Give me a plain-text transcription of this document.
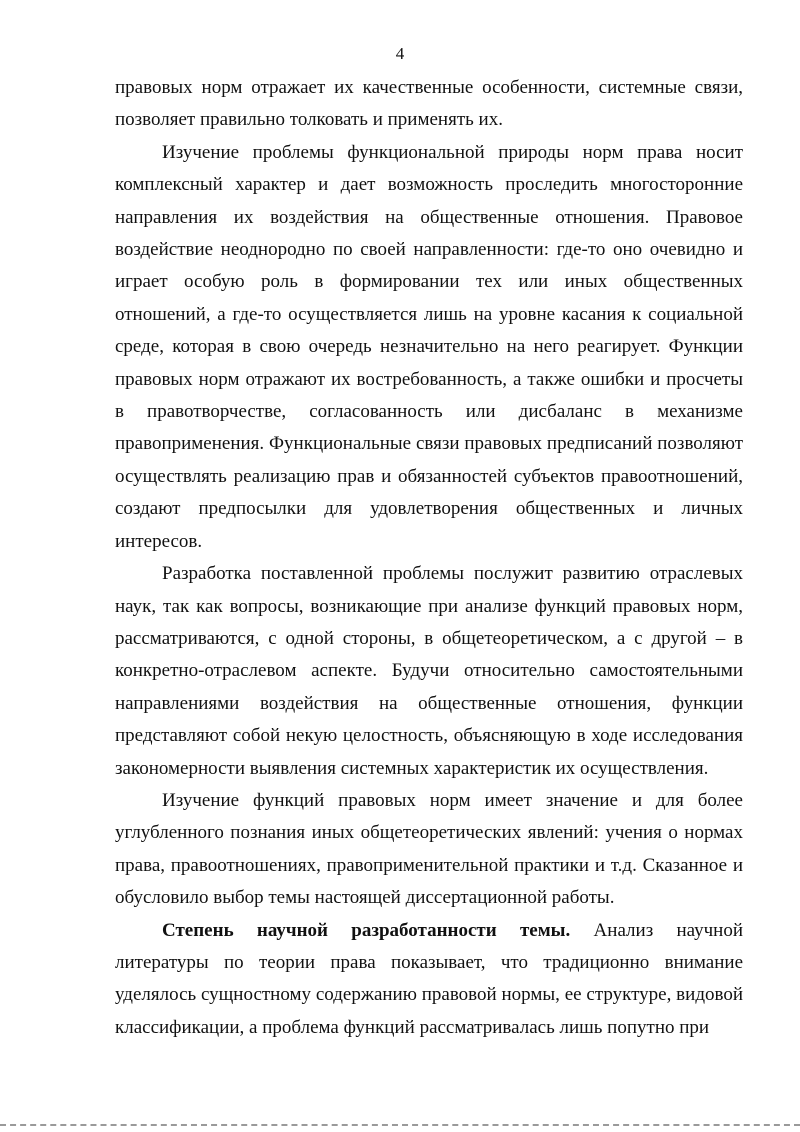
4

правовых норм отражает их качественные особенности, системные связи, позволяет правильно толковать и применять их.

Изучение проблемы функциональной природы норм права носит комплексный характер и дает возможность проследить многосторонние направления их воздействия на общественные отношения. Правовое воздействие неоднородно по своей направленности: где-то оно очевидно и играет особую роль в формировании тех или иных общественных отношений, а где-то осуществляется лишь на уровне касания к социальной среде, которая в свою очередь незначительно на него реагирует. Функции правовых норм отражают их востребованность, а также ошибки и просчеты в правотворчестве, согласованность или дисбаланс в механизме правоприменения. Функциональные связи правовых предписаний позволяют осуществлять реализацию прав и обязанностей субъектов правоотношений, создают предпосылки для удовлетворения общественных и личных интересов.

Разработка поставленной проблемы послужит развитию отраслевых наук, так как вопросы, возникающие при анализе функций правовых норм, рассматриваются, с одной стороны, в общетеоретическом, а с другой – в конкретно-отраслевом аспекте. Будучи относительно самостоятельными направлениями воздействия на общественные отношения, функции представляют собой некую целостность, объясняющую в ходе исследования закономерности выявления системных характеристик их осуществления.

Изучение функций правовых норм имеет значение и для более углубленного познания иных общетеоретических явлений: учения о нормах права, правоотношениях, правоприменительной практики и т.д. Сказанное и обусловило выбор темы настоящей диссертационной работы.

Степень научной разработанности темы. Анализ научной литературы по теории права показывает, что традиционно внимание уделялось сущностному содержанию правовой нормы, ее структуре, видовой классификации, а проблема функций рассматривалась лишь попутно при
